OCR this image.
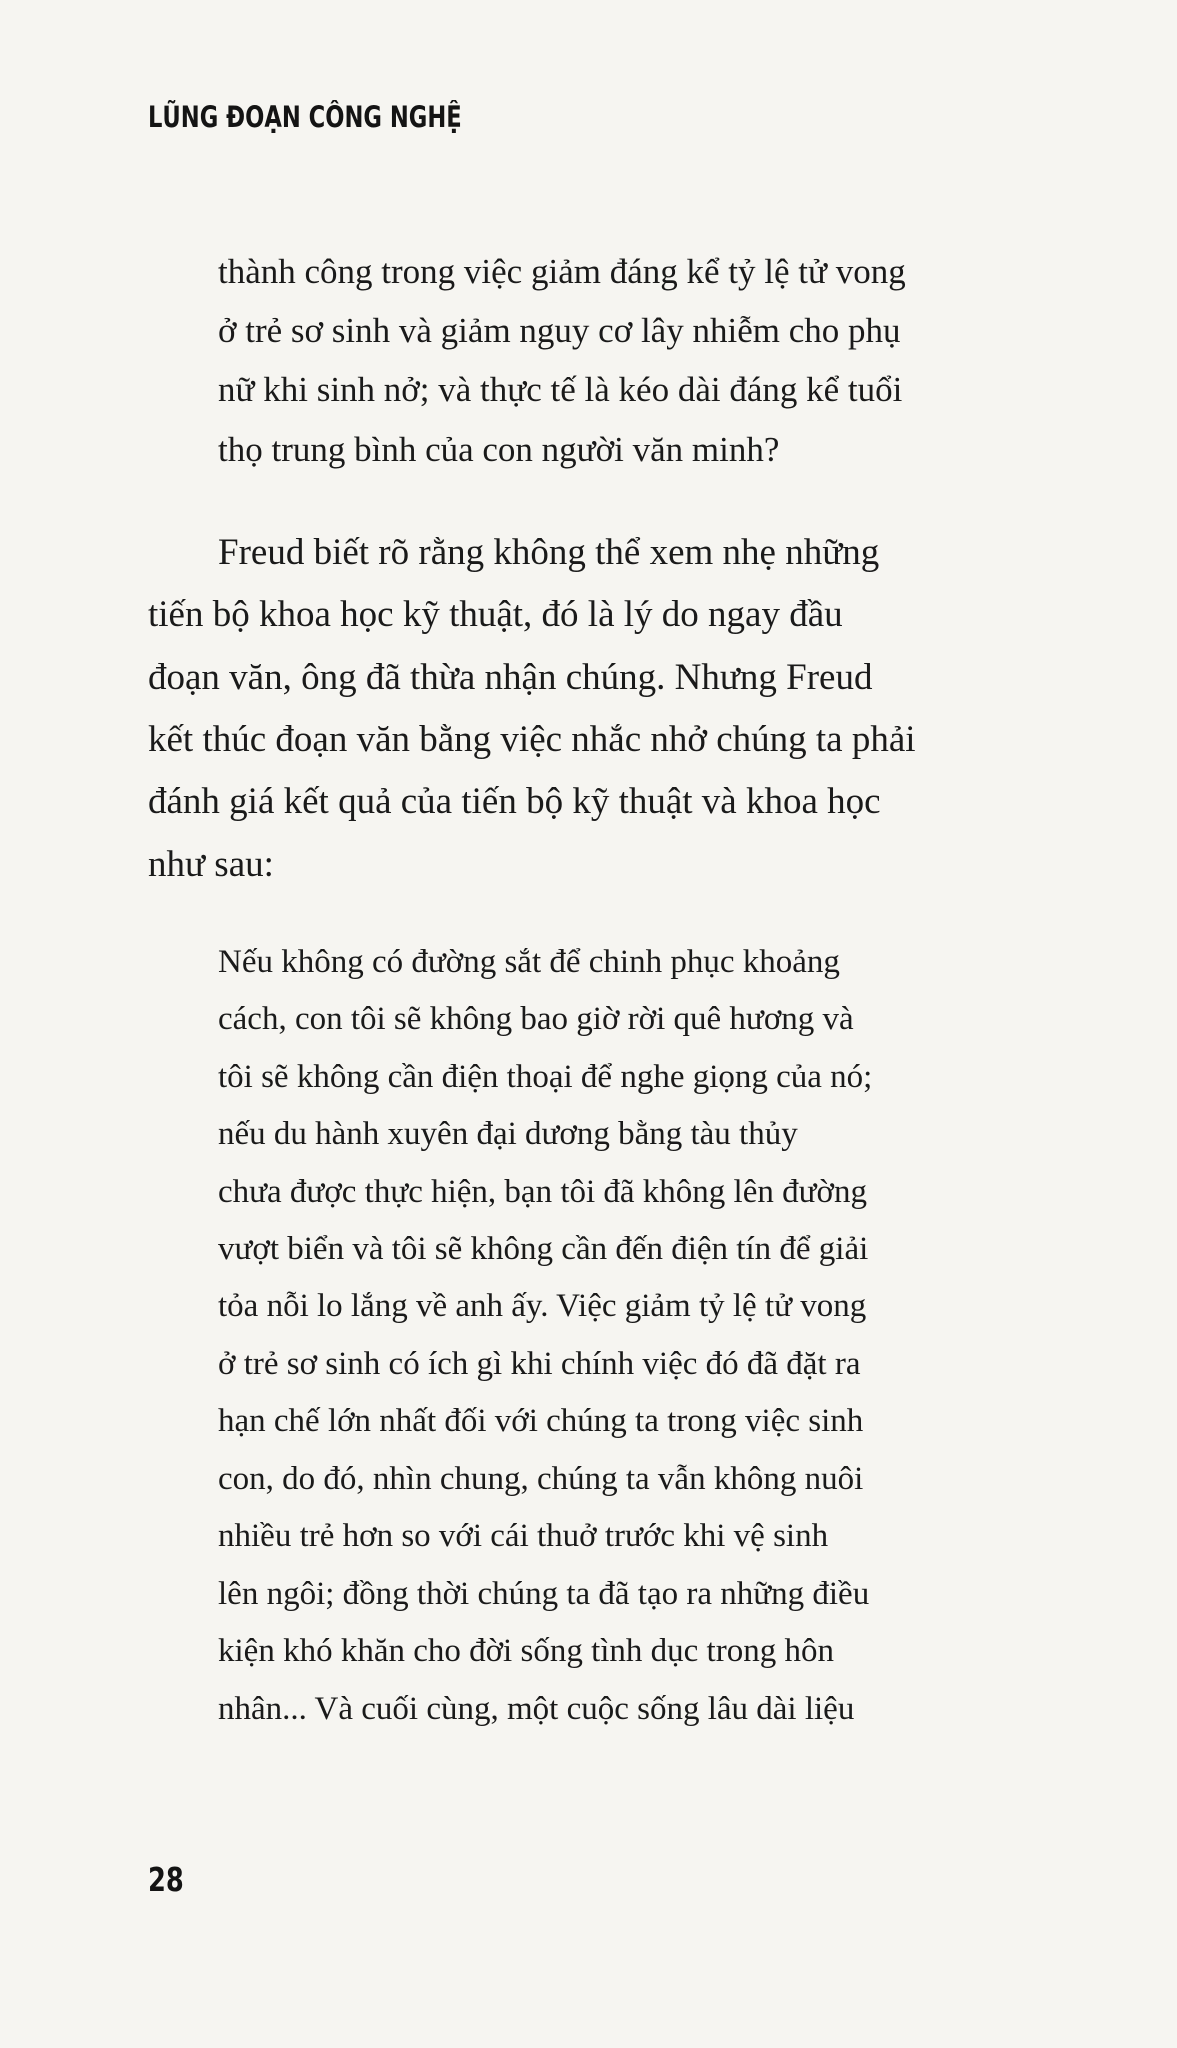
LŨNG ĐOẠN CÔNG NGHỆ
thành công trong việc giảm đáng kể tỷ lệ tử vong
ở trẻ sơ sinh và giảm nguy cơ lây nhiễm cho phụ
nữ khi sinh nở; và thực tế là kéo dài đáng kể tuổi
thọ trung bình của con người văn minh?
Freud biết rõ rằng không thể xem nhẹ những
tiến bộ khoa học kỹ thuật, đó là lý do ngay đầu
đoạn văn, ông đã thừa nhận chúng. Nhưng Freud
kết thúc đoạn văn bằng việc nhắc nhở chúng ta phải
đánh giá kết quả của tiến bộ kỹ thuật và khoa học
như sau:
Nếu không có đường sắt để chinh phục khoảng
cách, con tôi sẽ không bao giờ rời quê hương và
tôi sẽ không cần điện thoại để nghe giọng của nó;
nếu du hành xuyên đại dương bằng tàu thủy
chưa được thực hiện, bạn tôi đã không lên đường
vượt biển và tôi sẽ không cần đến điện tín để giải
tỏa nỗi lo lắng về anh ấy. Việc giảm tỷ lệ tử vong
ở trẻ sơ sinh có ích gì khi chính việc đó đã đặt ra
hạn chế lớn nhất đối với chúng ta trong việc sinh
con, do đó, nhìn chung, chúng ta vẫn không nuôi
nhiều trẻ hơn so với cái thuở trước khi vệ sinh
lên ngôi; đồng thời chúng ta đã tạo ra những điều
kiện khó khăn cho đời sống tình dục trong hôn
nhân... Và cuối cùng, một cuộc sống lâu dài liệu
28
